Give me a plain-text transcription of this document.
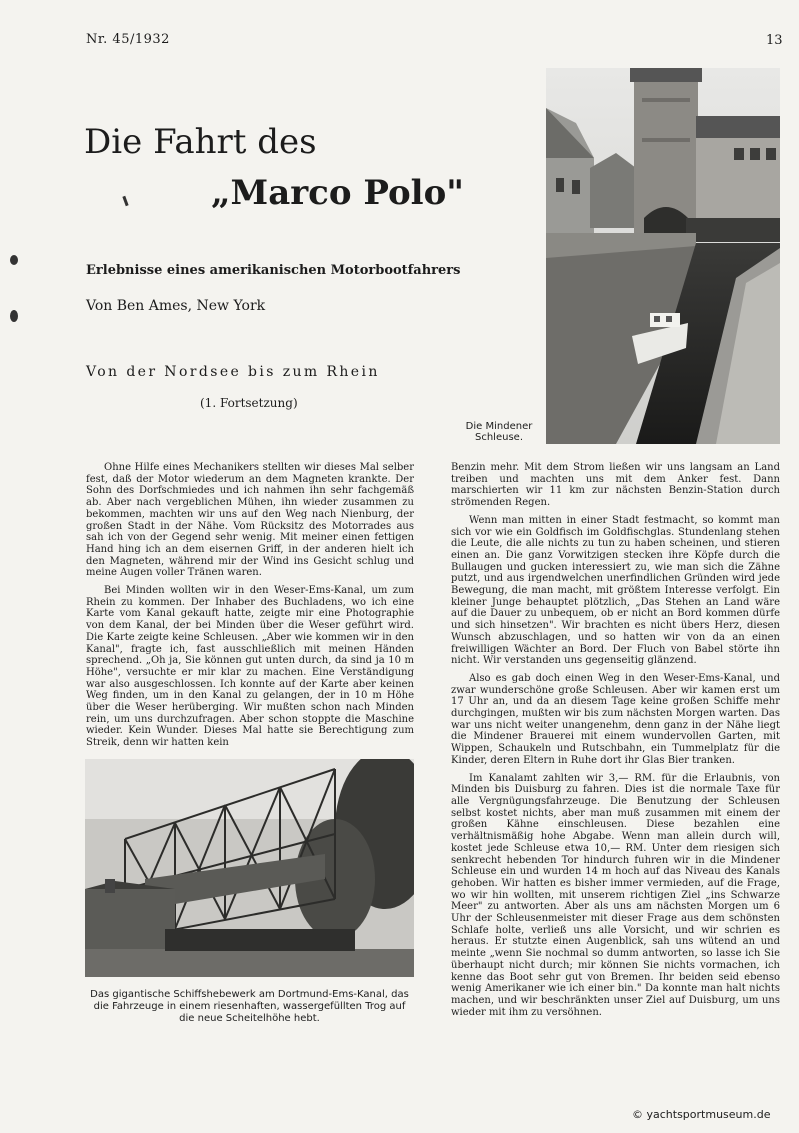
Nr. 45/1932	13
Die Fahrt des
„Marco Polo"
Erlebnisse eines amerikanischen Motorbootfahrers
Von Ben Ames, New York
Von der Nordsee bis zum Rhein
(1. Fortsetzung)
Die Mindener Schleuse.

Ohne Hilfe eines Mechanikers stellten wir dieses Mal selber fest, daß der Motor wiederum an dem Magneten krankte. Der Sohn des Dorfschmiedes und ich nahmen ihn sehr fachgemäß ab. Aber nach vergeblichen Mühen, ihn wieder zusammen zu bekommen, machten wir uns auf den Weg nach Nienburg, der großen Stadt in der Nähe. Vom Rücksitz des Motorrades aus sah ich von der Gegend sehr wenig. Mit meiner einen fettigen Hand hing ich an dem eisernen Griff, in der anderen hielt ich den Magneten, während mir der Wind ins Gesicht schlug und meine Augen voller Tränen waren.

Bei Minden wollten wir in den Weser-Ems-Kanal, um zum Rhein zu kommen. Der Inhaber des Buchladens, wo ich eine Karte vom Kanal gekauft hatte, zeigte mir eine Photographie von dem Kanal, der bei Minden über die Weser geführt wird. Die Karte zeigte keine Schleusen. „Aber wie kommen wir in den Kanal", fragte ich, fast ausschließlich mit meinen Händen sprechend. „Oh ja, Sie können gut unten durch, da sind ja 10 m Höhe", versuchte er mir klar zu machen. Eine Verständigung war also ausgeschlossen. Ich konnte auf der Karte aber keinen Weg finden, um in den Kanal zu gelangen, der in 10 m Höhe über die Weser herüberging. Wir mußten schon nach Minden rein, um uns durchzufragen. Aber schon stoppte die Maschine wieder. Kein Wunder. Dieses Mal hatte sie Berechtigung zum Streik, denn wir hatten kein

Das gigantische Schiffshebewerk am Dortmund-Ems-Kanal, das die Fahrzeuge in einem riesenhaften, wassergefüllten Trog auf die neue Scheitelhöhe hebt.

Benzin mehr. Mit dem Strom ließen wir uns langsam an Land treiben und machten uns mit dem Anker fest. Dann marschierten wir 11 km zur nächsten Benzin-Station durch strömenden Regen.

Wenn man mitten in einer Stadt festmacht, so kommt man sich vor wie ein Goldfisch im Goldfischglas. Stundenlang stehen die Leute, die alle nichts zu tun zu haben scheinen, und stieren einen an. Die ganz Vorwitzigen stecken ihre Köpfe durch die Bullaugen und gucken interessiert zu, wie man sich die Zähne putzt, und aus irgendwelchen unerfindlichen Gründen wird jede Bewegung, die man macht, mit größtem Interesse verfolgt. Ein kleiner Junge behauptet plötzlich, „Das Stehen an Land wäre auf die Dauer zu unbequem, ob er nicht an Bord kommen dürfe und sich hinsetzen". Wir brachten es nicht übers Herz, diesen Wunsch abzuschlagen, und so hatten wir von da an einen freiwilligen Wächter an Bord. Der Fluch von Babel störte ihn nicht. Wir verstanden uns gegenseitig glänzend.

Also es gab doch einen Weg in den Weser-Ems-Kanal, und zwar wunderschöne große Schleusen. Aber wir kamen erst um 17 Uhr an, und da an diesem Tage keine großen Schiffe mehr durchgingen, mußten wir bis zum nächsten Morgen warten. Das war uns nicht weiter unangenehm, denn ganz in der Nähe liegt die Mindener Brauerei mit einem wundervollen Garten, mit Wippen, Schaukeln und Rutschbahn, ein Tummelplatz für die Kinder, deren Eltern in Ruhe dort ihr Glas Bier tranken.

Im Kanalamt zahlten wir 3,— RM. für die Erlaubnis, von Minden bis Duisburg zu fahren. Dies ist die normale Taxe für alle Vergnügungsfahrzeuge. Die Benutzung der Schleusen selbst kostet nichts, aber man muß zusammen mit einem der großen Kähne einschleusen. Diese bezahlen eine verhältnismäßig hohe Abgabe. Wenn man allein durch will, kostet jede Schleuse etwa 10,— RM. Unter dem riesigen sich senkrecht hebenden Tor hindurch fuhren wir in die Mindener Schleuse ein und wurden 14 m hoch auf das Niveau des Kanals gehoben. Wir hatten es bisher immer vermieden, auf die Frage, wo wir hin wollten, mit unserem richtigen Ziel „ins Schwarze Meer" zu antworten. Aber als uns am nächsten Morgen um 6 Uhr der Schleusenmeister mit dieser Frage aus dem schönsten Schlafe holte, verließ uns alle Vorsicht, und wir schrien es heraus. Er stutzte einen Augenblick, sah uns wütend an und meinte „wenn Sie nochmal so dumm antworten, so lasse ich Sie überhaupt nicht durch; mir können Sie nichts vormachen, ich kenne das Boot sehr gut von Bremen. Ihr beiden seid ebenso wenig Amerikaner wie ich einer bin." Da konnte man halt nichts machen, und wir beschränkten unser Ziel auf Duisburg, um uns wieder mit ihm zu versöhnen.

© yachtsportmuseum.de
